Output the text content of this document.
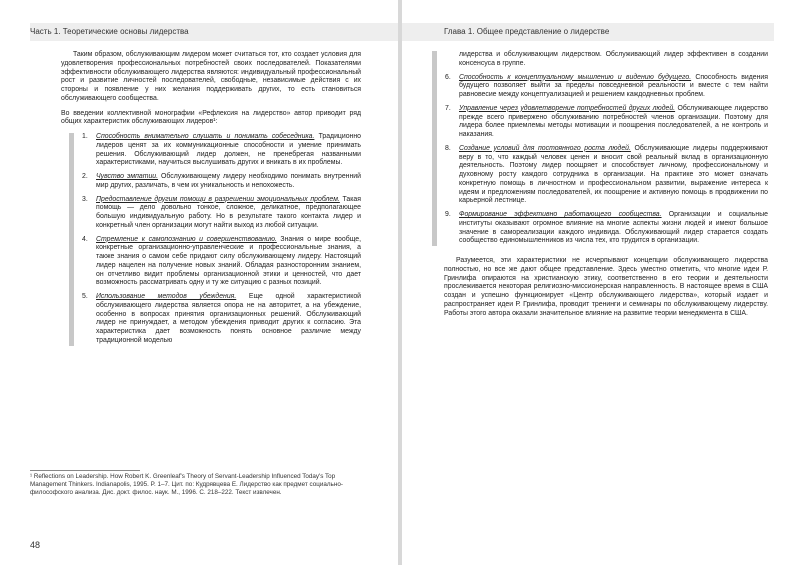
Часть 1. Теоретические основы лидерства

Таким образом, обслуживающим лидером может считаться тот, кто создает условия для удовлетворения профессиональных потребностей своих последователей. Показателями эффективности обслуживающего лидерства являются: индивидуальный профессиональный рост и развитие личностей последователей, свободные, независимые действия с их стороны и появление у них желания поддерживать других, то есть становиться обслуживающего сообщества.

Во введении коллективной монографии «Рефлексия на лидерство» автор приводит ряд общих характеристик обслуживающих лидеров¹:

1. Способность внимательно слушать и понимать собеседника. Традиционно лидеров ценят за их коммуникационные способности и умение принимать решения. Обслуживающий лидер должен, не пренебрегая названными характеристиками, научиться выслушивать других и вникать в их проблемы.
2. Чувство эмпатии. Обслуживающему лидеру необходимо понимать внутренний мир других, различать, в чем их уникальность и непохожесть.
3. Предоставление другим помощи в разрешении эмоциональных проблем. Такая помощь — дело довольно тонкое, сложное, деликатное, предполагающее большую индивидуальную работу. Но в результате такого контакта лидер и конкретный член организации могут найти выход из любой ситуации.
4. Стремление к самопознанию и совершенствованию. Знания о мире вообще, конкретные организационно-управленческие и профессиональные знания, а также знания о самом себе придают силу обслуживающему лидеру. Настоящий лидер нацелен на получение новых знаний. Обладая разносторонним знанием, он отчетливо видит проблемы организационной этики и ценностей, что дает возможность рассматривать одну и ту же ситуацию с разных позиций.
5. Использование методов убеждения. Еще одной характеристикой обслуживающего лидерства является опора не на авторитет, а на убеждение, особенно в вопросах принятия организационных решений. Обслуживающий лидер не принуждает, а методом убеждения приводит других к согласию. Эта характеристика дает возможность понять основное различие между традиционной моделью
¹ Reflections on Leadership. How Robert K. Greenleaf's Theory of Servant-Leadership Influenced Today's Top Management Thinkers. Indianapolis, 1995. P. 1–7. Цит. по: Кудрявцева Е. Лидерство как предмет социально-философского анализа. Дис. докт. филос. наук. М., 1996. С. 218–222. Текст извлечен.
48
Глава 1. Общее представление о лидерстве
лидерства и обслуживающим лидерством. Обслуживающий лидер эффективен в создании консенсуса в группе.
6. Способность к концептуальному мышлению и видению будущего. Способность видения будущего позволяет выйти за пределы повседневной реальности и вместе с тем найти равновесие между концептуализацией и решением каждодневных проблем.
7. Управление через удовлетворение потребностей других людей. Обслуживающее лидерство прежде всего привержено обслуживанию потребностей членов организации. Поэтому для лидера более приемлемы методы мотивации и поощрения последователей, а не контроль и наказания.
8. Создание условий для постоянного роста людей. Обслуживающие лидеры поддерживают веру в то, что каждый человек ценен и вносит свой реальный вклад в организационную деятельность. Поэтому лидер поощряет и способствует личному, профессиональному и духовному росту каждого сотрудника в организации. На практике это может означать конкретную помощь в личностном и профессиональном развитии, выражение интереса к идеям и предложениям последователей, их поощрение и активную помощь в продвижении по карьерной лестнице.
9. Формирование эффективно работающего сообщества. Организации и социальные институты оказывают огромное влияние на многие аспекты жизни людей и имеют большое значение в самореализации каждого индивида. Обслуживающий лидер старается создать сообщество единомышленников из числа тех, кто трудится в организации.

Разумеется, эти характеристики не исчерпывают концепции обслуживающего лидерства полностью, но все же дают общее представление. Здесь уместно отметить, что многие идеи Р. Гринлифа опираются на христианскую этику, соответственно в его теории и деятельности прослеживается некоторая религиозно-миссионерская направленность. В настоящее время в США создан и успешно функционирует «Центр обслуживающего лидерства», который издает и распространяет идеи Р. Гринлифа, проводит тренинги и семинары по обслуживающему лидерству. Работы этого автора оказали значительное влияние на развитие теории менеджмента в США.
